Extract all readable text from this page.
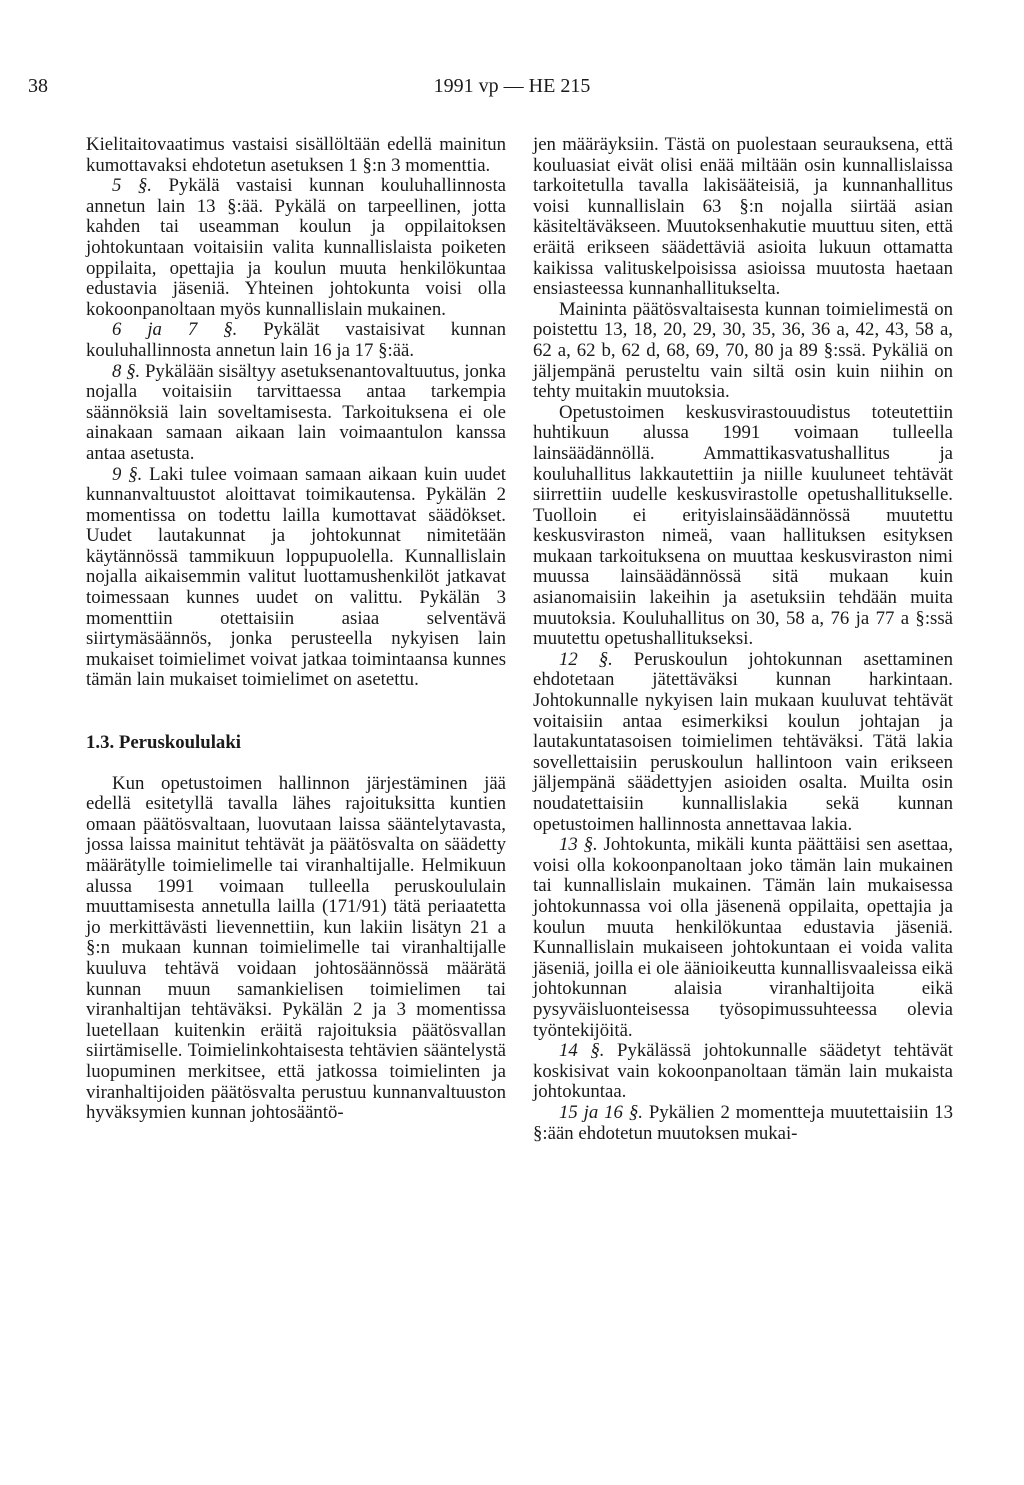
38	1991 vp — HE 215

Kielitaitovaatimus vastaisi sisällöltään edellä mainitun kumottavaksi ehdotetun asetuksen 1 §:n 3 momenttia.

5 §. Pykälä vastaisi kunnan kouluhallinnosta annetun lain 13 §:ää. Pykälä on tarpeellinen, jotta kahden tai useamman koulun ja oppilaitoksen johtokuntaan voitaisiin valita kunnallislaista poiketen oppilaita, opettajia ja koulun muuta henkilökuntaa edustavia jäseniä. Yhteinen johtokunta voisi olla kokoonpanoltaan myös kunnallislain mukainen.

6 ja 7 §. Pykälät vastaisivat kunnan kouluhallinnosta annetun lain 16 ja 17 §:ää.

8 §. Pykälään sisältyy asetuksenantovaltuutus, jonka nojalla voitaisiin tarvittaessa antaa tarkempia säännöksiä lain soveltamisesta. Tarkoituksena ei ole ainakaan samaan aikaan lain voimaantulon kanssa antaa asetusta.

9 §. Laki tulee voimaan samaan aikaan kuin uudet kunnanvaltuustot aloittavat toimikautensa. Pykälän 2 momentissa on todettu lailla kumottavat säädökset. Uudet lautakunnat ja johtokunnat nimitetään käytännössä tammikuun loppupuolella. Kunnallislain nojalla aikaisemmin valitut luottamushenkilöt jatkavat toimessaan kunnes uudet on valittu. Pykälän 3 momenttiin otettaisiin asiaa selventävä siirtymäsäännös, jonka perusteella nykyisen lain mukaiset toimielimet voivat jatkaa toimintaansa kunnes tämän lain mukaiset toimielimet on asetettu.

1.3. Peruskoululaki

Kun opetustoimen hallinnon järjestäminen jää edellä esitetyllä tavalla lähes rajoituksitta kuntien omaan päätösvaltaan, luovutaan laissa sääntelytavasta, jossa laissa mainitut tehtävät ja päätösvalta on säädetty määrätylle toimielimelle tai viranhaltijalle. Helmikuun alussa 1991 voimaan tulleella peruskoululain muuttamisesta annetulla lailla (171/91) tätä periaatetta jo merkittävästi lievennettiin, kun lakiin lisätyn 21 a §:n mukaan kunnan toimielimelle tai viranhaltijalle kuuluva tehtävä voidaan johtosäännössä määrätä kunnan muun samankielisen toimielimen tai viranhaltijan tehtäväksi. Pykälän 2 ja 3 momentissa luetellaan kuitenkin eräitä rajoituksia päätösvallan siirtämiselle. Toimielinkohtaisesta tehtävien sääntelystä luopuminen merkitsee, että jatkossa toimielinten ja viranhaltijoiden päätösvalta perustuu kunnanvaltuuston hyväksymien kunnan johtosääntö-

jen määräyksiin. Tästä on puolestaan seurauksena, että kouluasiat eivät olisi enää miltään osin kunnallislaissa tarkoitetulla tavalla lakisääteisiä, ja kunnanhallitus voisi kunnallislain 63 §:n nojalla siirtää asian käsiteltäväkseen. Muutoksenhakutie muuttuu siten, että eräitä erikseen säädettäviä asioita lukuun ottamatta kaikissa valituskelpoisissa asioissa muutosta haetaan ensiasteessa kunnanhallitukselta.

Maininta päätösvaltaisesta kunnan toimielimestä on poistettu 13, 18, 20, 29, 30, 35, 36, 36 a, 42, 43, 58 a, 62 a, 62 b, 62 d, 68, 69, 70, 80 ja 89 §:ssä. Pykäliä on jäljempänä perusteltu vain siltä osin kuin niihin on tehty muitakin muutoksia.

Opetustoimen keskusvirastouudistus toteutettiin huhtikuun alussa 1991 voimaan tulleella lainsäädännöllä. Ammattikasvatushallitus ja kouluhallitus lakkautettiin ja niille kuuluneet tehtävät siirrettiin uudelle keskusvirastolle opetushallitukselle. Tuolloin ei erityislainsäädännössä muutettu keskusviraston nimeä, vaan hallituksen esityksen mukaan tarkoituksena on muuttaa keskusviraston nimi muussa lainsäädännössä sitä mukaan kuin asianomaisiin lakeihin ja asetuksiin tehdään muita muutoksia. Kouluhallitus on 30, 58 a, 76 ja 77 a §:ssä muutettu opetushallitukseksi.

12 §. Peruskoulun johtokunnan asettaminen ehdotetaan jätettäväksi kunnan harkintaan. Johtokunnalle nykyisen lain mukaan kuuluvat tehtävät voitaisiin antaa esimerkiksi koulun johtajan ja lautakuntatasoisen toimielimen tehtäväksi. Tätä lakia sovellettaisiin peruskoulun hallintoon vain erikseen jäljempänä säädettyjen asioiden osalta. Muilta osin noudatettaisiin kunnallislakia sekä kunnan opetustoimen hallinnosta annettavaa lakia.

13 §. Johtokunta, mikäli kunta päättäisi sen asettaa, voisi olla kokoonpanoltaan joko tämän lain mukainen tai kunnallislain mukainen. Tämän lain mukaisessa johtokunnassa voi olla jäsenenä oppilaita, opettajia ja koulun muuta henkilökuntaa edustavia jäseniä. Kunnallislain mukaiseen johtokuntaan ei voida valita jäseniä, joilla ei ole äänioikeutta kunnallisvaaleissa eikä johtokunnan alaisia viranhaltijoita eikä pysyväisluonteisessa työsopimussuhteessa olevia työntekijöitä.

14 §. Pykälässä johtokunnalle säädetyt tehtävät koskisivat vain kokoonpanoltaan tämän lain mukaista johtokuntaa.

15 ja 16 §. Pykälien 2 momentteja muutettaisiin 13 §:ään ehdotetun muutoksen mukai-
